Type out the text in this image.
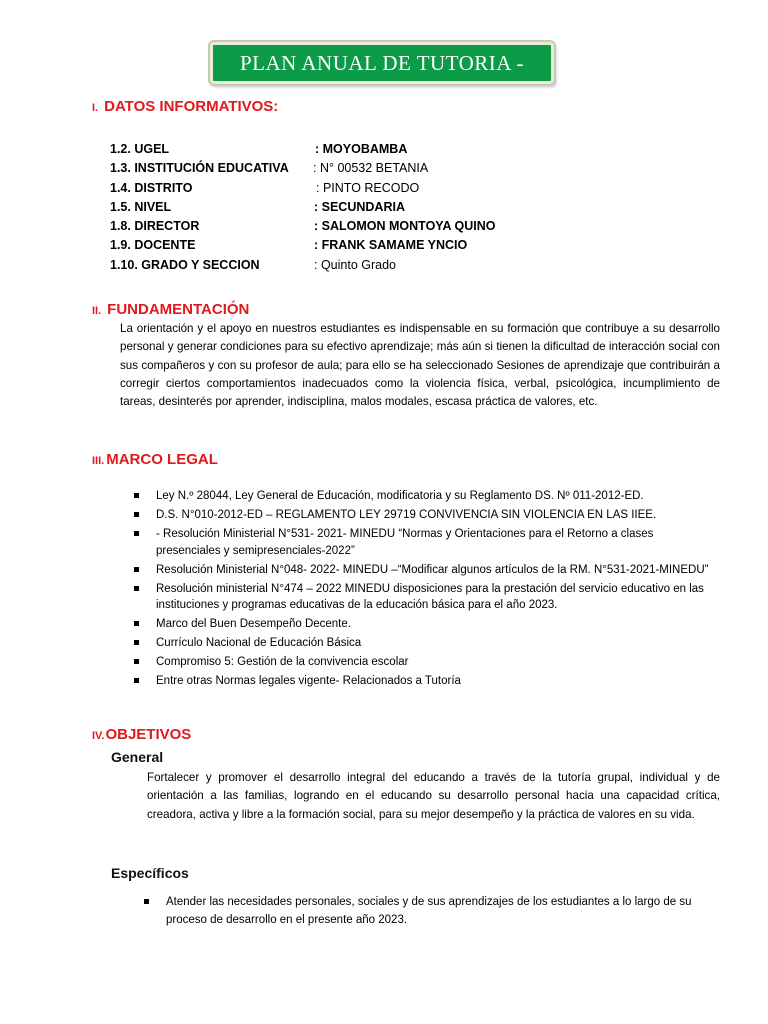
PLAN ANUAL DE TUTORIA -
I. DATOS INFORMATIVOS:
1.2. UGEL	: MOYOBAMBA
1.3. INSTITUCIÓN EDUCATIVA : N° 00532 BETANIA
1.4. DISTRITO	: PINTO RECODO
1.5. NIVEL	: SECUNDARIA
1.8. DIRECTOR	: SALOMON MONTOYA QUINO
1.9. DOCENTE	: FRANK SAMAME YNCIO
1.10. GRADO Y SECCION	: Quinto Grado
II. FUNDAMENTACIÓN
La orientación y el apoyo en nuestros estudiantes es indispensable en su formación que contribuye a su desarrollo personal y generar condiciones para su efectivo aprendizaje; más aún si tienen la dificultad de interacción social con sus compañeros y con su profesor de aula; para ello se ha seleccionado Sesiones de aprendizaje que contribuirán a corregir ciertos comportamientos inadecuados como la violencia física, verbal, psicológica, incumplimiento de tareas, desinterés por aprender, indisciplina, malos modales, escasa práctica de valores, etc.
III. MARCO LEGAL
Ley N.º 28044, Ley General de Educación, modificatoria y su Reglamento DS. Nº 011-2012-ED.
D.S. N°010-2012-ED – REGLAMENTO LEY 29719 CONVIVENCIA SIN VIOLENCIA EN LAS IIEE.
- Resolución Ministerial N°531- 2021- MINEDU “Normas y Orientaciones para el Retorno a clases presenciales y semipresenciales-2022”
Resolución Ministerial N°048- 2022- MINEDU –“Modificar algunos artículos de la RM. N°531-2021-MINEDU”
Resolución ministerial N°474 – 2022 MINEDU disposiciones para la prestación del servicio educativo en las instituciones y programas educativas de la educación básica para el año 2023.
Marco del Buen Desempeño Decente.
Currículo Nacional de Educación Básica
Compromiso 5: Gestión de la convivencia escolar
Entre otras Normas legales vigente- Relacionados a Tutoría
IV.OBJETIVOS
General
Fortalecer y promover el desarrollo integral del educando a través de la tutoría grupal, individual y de orientación a las familias, logrando en el educando su desarrollo personal hacia una capacidad crítica, creadora, activa y libre a la formación social, para su mejor desempeño y la práctica de valores en su vida.
Específicos
Atender las necesidades personales, sociales y de sus aprendizajes de los estudiantes a lo largo de su proceso de desarrollo en el presente año 2023.
